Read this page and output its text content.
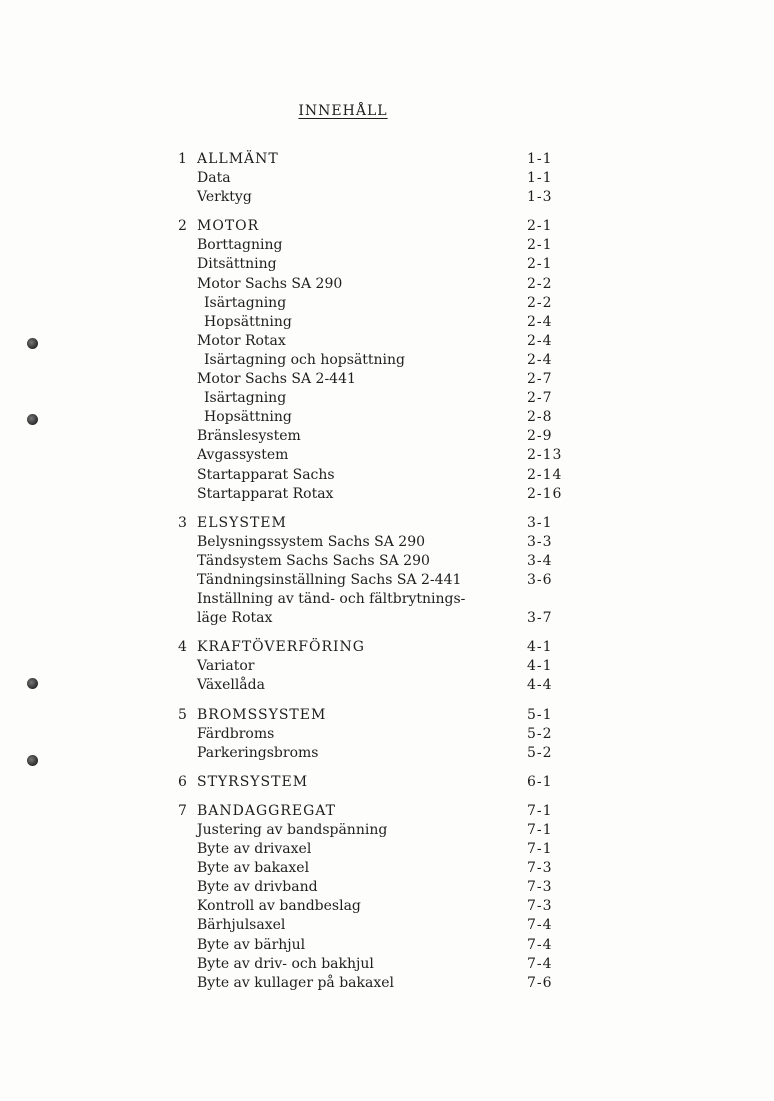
INNEHÅLL
1 ALLMÄNT	1-1
Data	1-1
Verktyg	1-3
2 MOTOR	2-1
Borttagning	2-1
Ditsättning	2-1
Motor Sachs SA 290	2-2
Isärtagning	2-2
Hopsättning	2-4
Motor Rotax	2-4
Isärtagning och hopsättning	2-4
Motor Sachs SA 2-441	2-7
Isärtagning	2-7
Hopsättning	2-8
Bränslesystem	2-9
Avgassystem	2-13
Startapparat Sachs	2-14
Startapparat Rotax	2-16
3 ELSYSTEM	3-1
Belysningssystem Sachs SA 290	3-3
Tändsystem Sachs Sachs SA 290	3-4
Tändningsinställning Sachs SA 2-441	3-6
Inställning av tänd- och fältbrytnings-
läge Rotax	3-7
4 KRAFTÖVERFÖRING	4-1
Variator	4-1
Växellåda	4-4
5 BROMSSYSTEM	5-1
Färdbroms	5-2
Parkeringsbroms	5-2
6 STYRSYSTEM	6-1
7 BANDAGGREGAT	7-1
Justering av bandspänning	7-1
Byte av drivaxel	7-1
Byte av bakaxel	7-3
Byte av drivband	7-3
Kontroll av bandbeslag	7-3
Bärhjulsaxel	7-4
Byte av bärhjul	7-4
Byte av driv- och bakhjul	7-4
Byte av kullager på bakaxel	7-6
